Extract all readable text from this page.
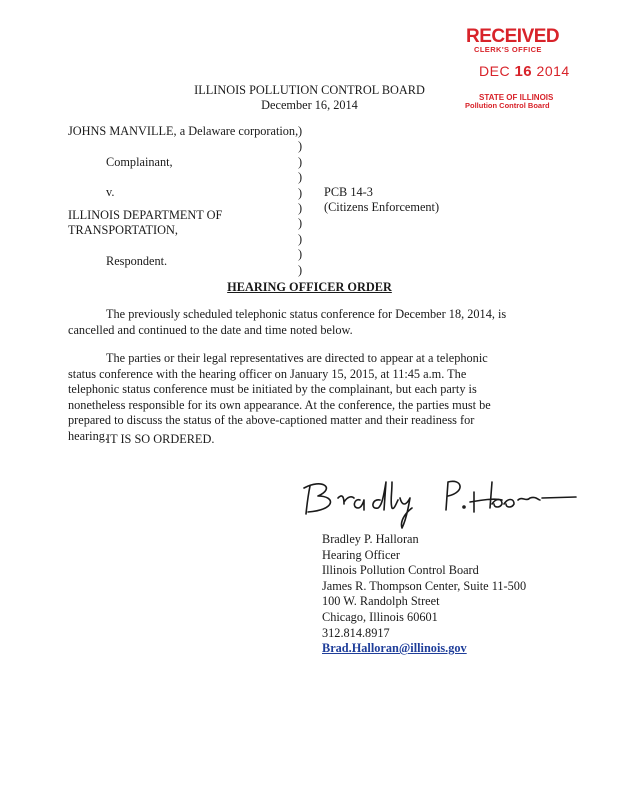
RECEIVED
CLERK'S OFFICE
DEC 16 2014
STATE OF ILLINOIS
Pollution Control Board
ILLINOIS POLLUTION CONTROL BOARD
December 16, 2014
JOHNS MANVILLE, a Delaware corporation,
Complainant,
v.
ILLINOIS DEPARTMENT OF
TRANSPORTATION,
Respondent.
)
)
)
)
)
)
)
)
)
)
PCB 14-3
(Citizens Enforcement)
HEARING OFFICER ORDER
The previously scheduled telephonic status conference for December 18, 2014, is cancelled and continued to the date and time noted below.
The parties or their legal representatives are directed to appear at a telephonic status conference with the hearing officer on January 15, 2015, at 11:45 a.m. The telephonic status conference must be initiated by the complainant, but each party is nonetheless responsible for its own appearance. At the conference, the parties must be prepared to discuss the status of the above-captioned matter and their readiness for hearing.
IT IS SO ORDERED.
Bradley P. Halloran
Hearing Officer
Illinois Pollution Control Board
James R. Thompson Center, Suite 11-500
100 W. Randolph Street
Chicago, Illinois 60601
312.814.8917
Brad.Halloran@illinois.gov
